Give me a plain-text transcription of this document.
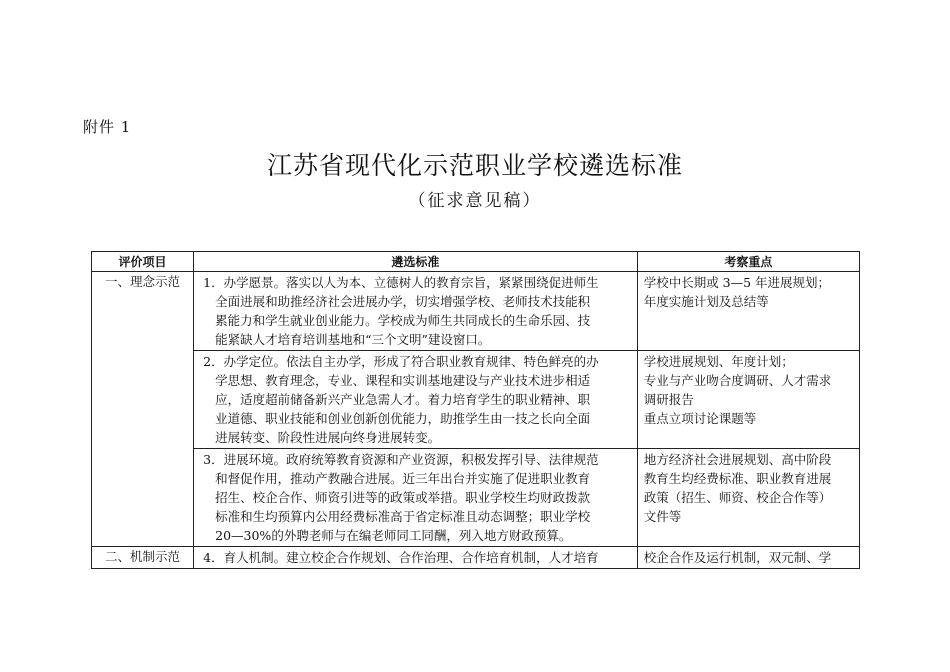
附件 1
江苏省现代化示范职业学校遴选标准
（征求意见稿）
评价项目	遴选标准	考察重点
一、理念示范	1．办学愿景。落实以人为本、立德树人的教育宗旨，紧紧围绕促进师生
全面进展和助推经济社会进展办学，切实增强学校、老师技术技能积
累能力和学生就业创业能力。学校成为师生共同成长的生命乐园、技
能紧缺人才培育培训基地和“三个文明”建设窗口。	学校中长期或 3—5 年进展规划；
年度实施计划及总结等

	2．办学定位。依法自主办学，形成了符合职业教育规律、特色鲜亮的办
学思想、教育理念，专业、课程和实训基地建设与产业技术进步相适
应，适度超前储备新兴产业急需人才。着力培育学生的职业精神、职
业道德、职业技能和创业创新创优能力，助推学生由一技之长向全面
进展转变、阶段性进展向终身进展转变。	学校进展规划、年度计划；
专业与产业吻合度调研、人才需求
调研报告
重点立项讨论课题等

	3．进展环境。政府统筹教育资源和产业资源，积极发挥引导、法律规范
和督促作用，推动产教融合进展。近三年出台并实施了促进职业教育
招生、校企合作、师资引进等的政策或举措。职业学校生均财政拨款
标准和生均预算内公用经费标准高于省定标准且动态调整；职业学校
20—30%的外聘老师与在编老师同工同酬，列入地方财政预算。	地方经济社会进展规划、高中阶段
教育生均经费标准、职业教育进展
政策（招生、师资、校企合作等）
文件等

二、机制示范	4．育人机制。建立校企合作规划、合作治理、合作培育机制，人才培育	校企合作及运行机制，双元制、学
